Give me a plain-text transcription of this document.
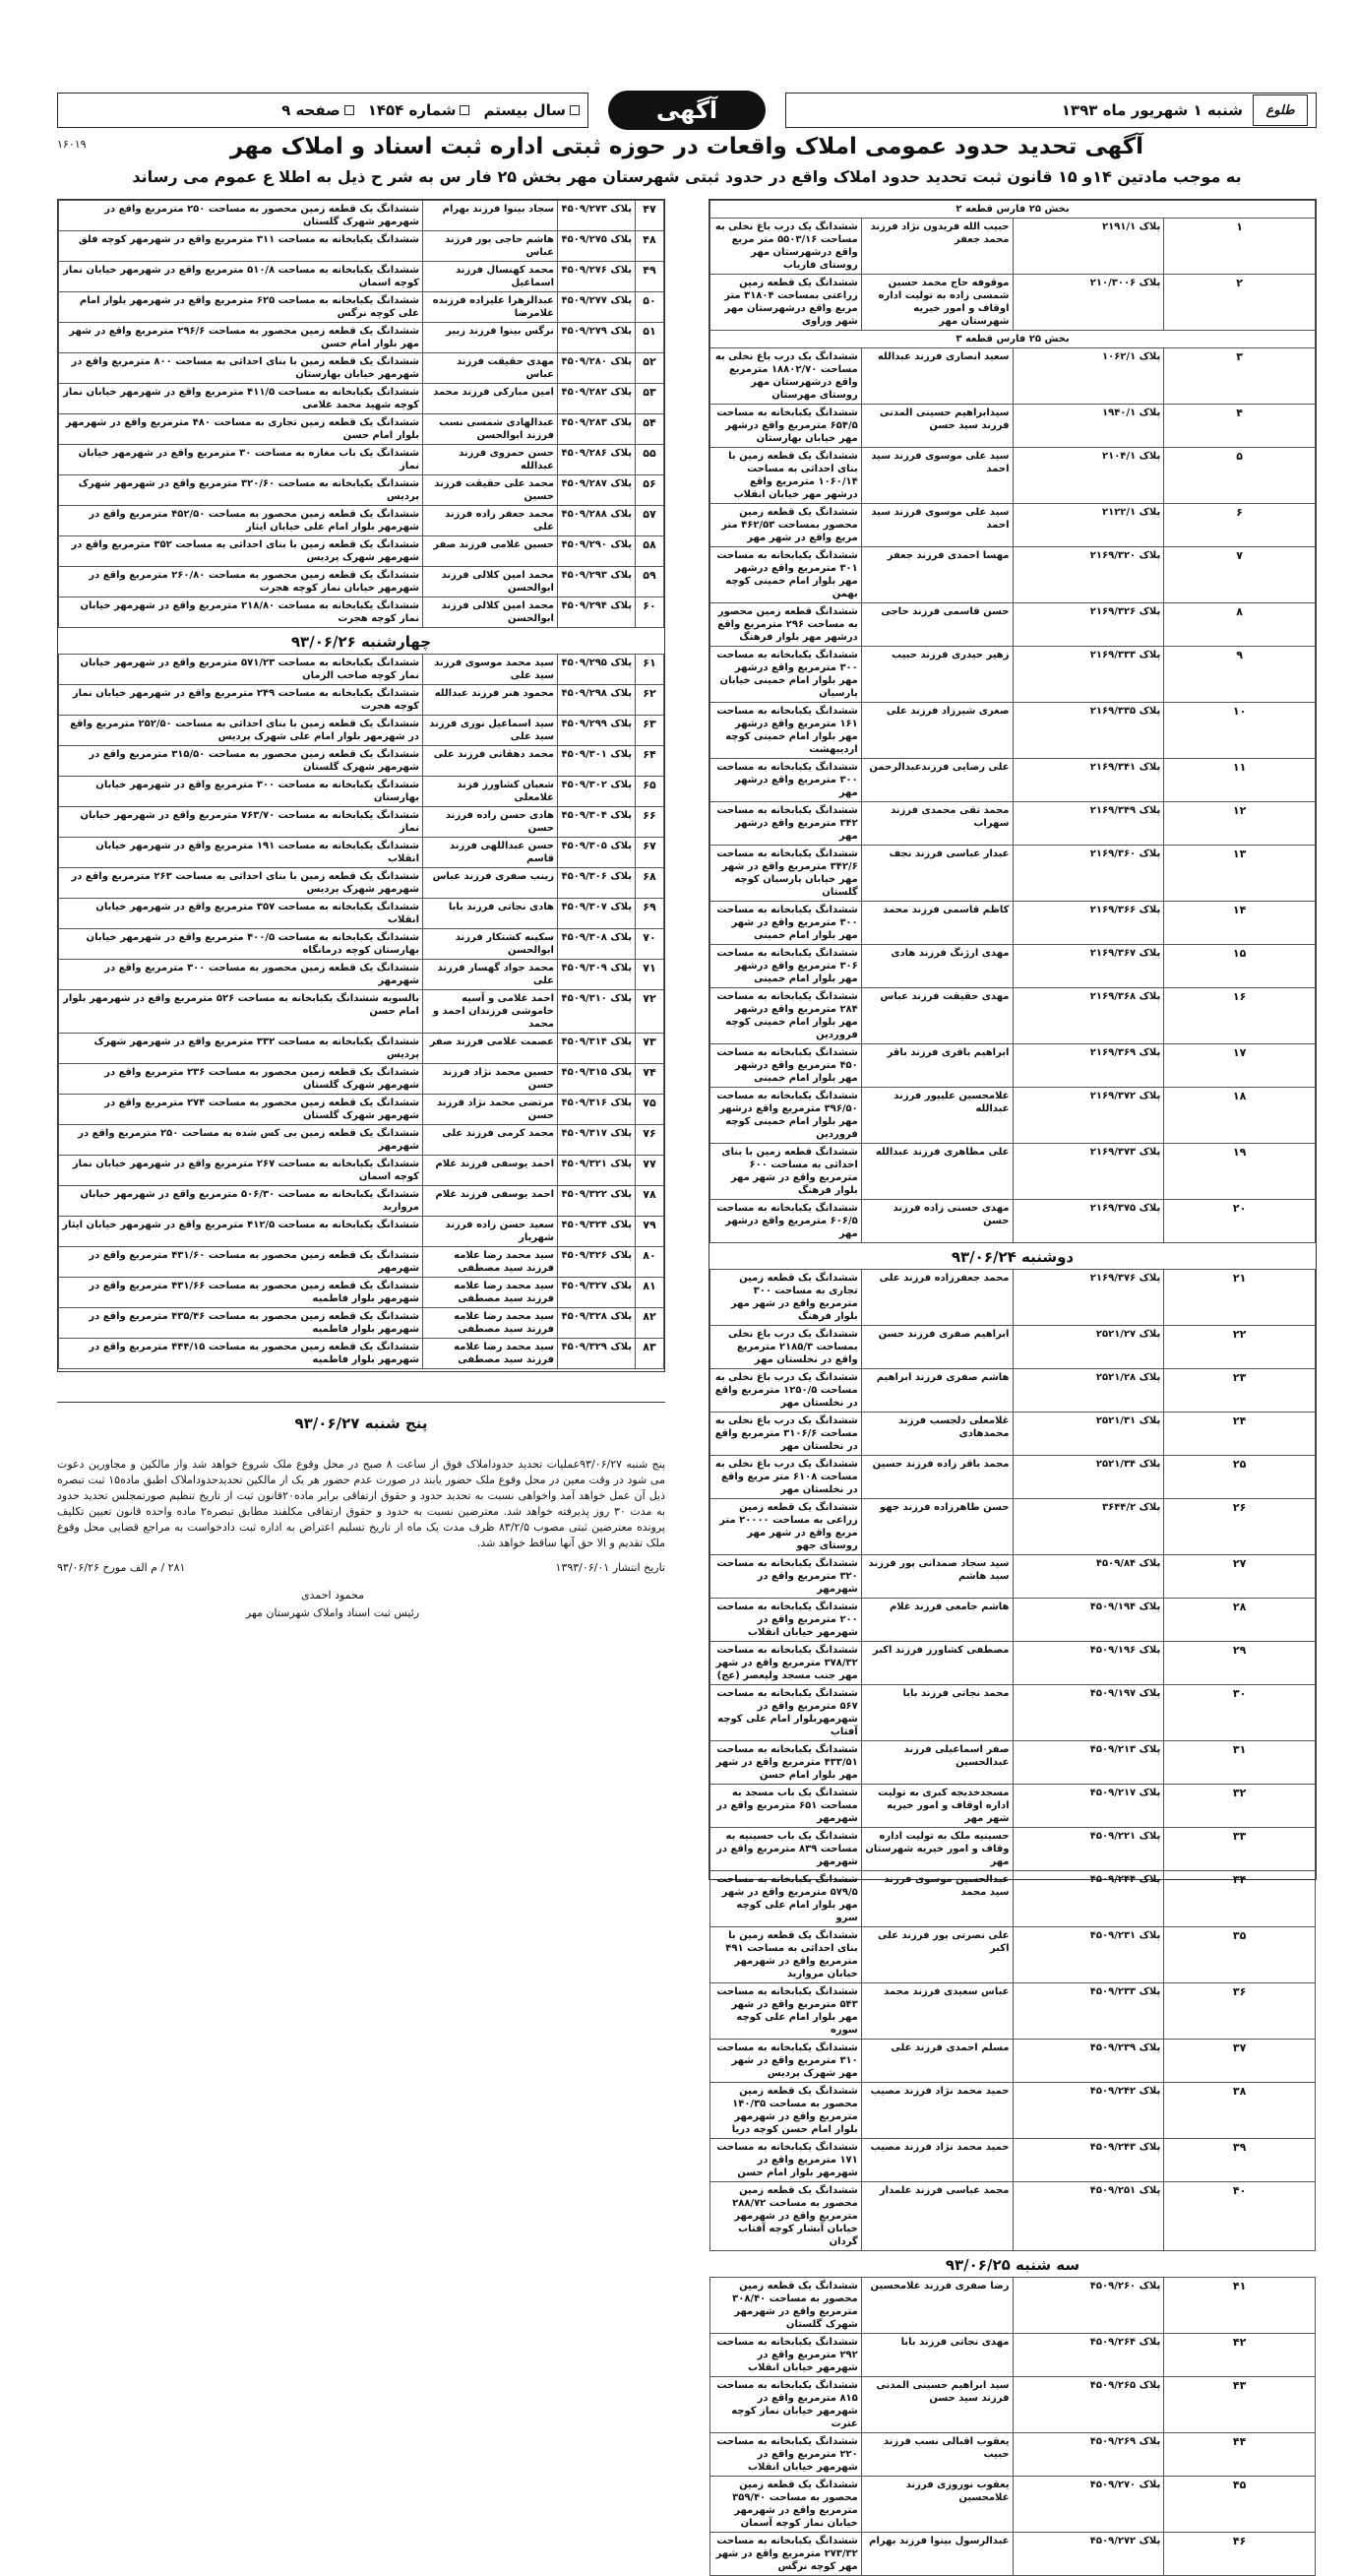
طلوع
شنبه ۱ شهریور ماه ۱۳۹۳
آگهی
سال بیستم
شماره ۱۴۵۴
صفحه ۹
۱۶۰۱۹	آگهی تحدید حدود عمومی املاک واقعات در حوزه ثبتی اداره ثبت اسناد و املاک مهر
به موجب مادتین ۱۴و ۱۵ قانون ثبت تحدید حدود املاک واقع در حدود ثبتی شهرستان مهر بخش ۲۵ فار س به شر ح ذیل به اطلا ع عموم می رساند
بخش ۲۵ فارس قطعه ۲			
۱	پلاک ۲۱۹۱/۱	حبیب الله فریدون نژاد فرزند محمد جعفر	ششدانگ یک درب باغ نخلی به مساحت ۵۵۰۳/۱۶ متر مربع واقع درشهرستان مهر روستای فاریاب
۲	پلاک ۲۱۰/۳۰۰۶	موقوفه حاج محمد حسین شمسی زاده به تولیت اداره اوقاف و امور خیریه شهرستان مهر	ششدانگ یک قطعه زمین زراعتی بمساحت ۳۱۸۰۴ متر مربع واقع درشهرستان مهر شهر وراوی
بخش ۲۵ فارس قطعه ۳			
۳	پلاک ۱۰۶۲/۱	سعید انصاری فرزند عبدالله	ششدانگ یک درب باغ نخلی به مساحت ۱۸۸۰۲/۷۰ مترمربع واقع درشهرستان مهر روستای مهرستان
۴	پلاک ۱۹۴۰/۱	سیدابراهیم حسینی المدنی فرزند سید حسن	ششدانگ یکبابخانه به مساحت ۶۵۴/۵ مترمربع واقع درشهر مهر خیابان بهارستان
۵	پلاک ۲۱۰۴/۱	سید علی موسوی فرزند سید احمد	ششدانگ یک قطعه زمین با بنای احداثی به مساحت ۱۰۶۰/۱۴ مترمربع واقع درشهر مهر خیابان انقلاب
۶	پلاک ۲۱۲۲/۱	سید علی موسوی فرزند سید احمد	ششدانگ یک قطعه زمین محصور بمساحت ۴۶۲/۵۳ متر مربع واقع در شهر مهر
۷	پلاک ۲۱۶۹/۳۲۰	مهسا احمدی فرزند جعفر	ششدانگ یکبابخانه به مساحت ۳۰۱ مترمربع واقع درشهر مهر بلوار امام خمینی کوچه بهمن
۸	پلاک ۲۱۶۹/۳۲۶	حسن قاسمی فرزند حاجی	ششدانگ قطعه زمین محصور به مساحت ۲۹۶ مترمربع واقع درشهر مهر بلوار فرهنگ
۹	پلاک ۲۱۶۹/۳۳۳	زهیر حیدری فرزند حبیب	ششدانگ یکبابخانه به مساحت ۳۰۰ مترمربع واقع درشهر مهر بلوار امام خمینی خیابان پارسیان
۱۰	پلاک ۲۱۶۹/۳۳۵	صغری شیرزاد فرزند علی	ششدانگ یکبابخانه به مساحت ۱۶۱ مترمربع واقع درشهر مهر بلوار امام خمینی کوچه اردیبهشت
۱۱	پلاک ۲۱۶۹/۳۴۱	علی رضایی فرزندعبدالرحمن	ششدانگ یکبابخانه به مساحت ۳۰۰ مترمربع واقع درشهر مهر
۱۲	پلاک ۲۱۶۹/۳۴۹	محمد تقی محمدی فرزند سهراب	ششدانگ یکبابخانه به مساحت ۳۴۲ مترمربع واقع درشهر مهر
۱۳	پلاک ۲۱۶۹/۳۶۰	عبدار عباسی فرزند نجف	ششدانگ یکبابخانه به مساحت ۳۴۲/۶ مترمربع واقع در شهر مهر خیابان پارسیان کوچه گلستان
۱۴	پلاک ۲۱۶۹/۳۶۶	کاظم قاسمی فرزند محمد	ششدانگ یکبابخانه به مساحت ۳۰۰ مترمربع واقع در شهر مهر بلوار امام خمینی
۱۵	پلاک ۲۱۶۹/۳۶۷	مهدی ارژنگ فرزند هادی	ششدانگ یکبابخانه به مساحت ۳۰۶ مترمربع واقع درشهر مهر بلوار امام خمینی
۱۶	پلاک ۲۱۶۹/۳۶۸	مهدی حقیقت فرزند عباس	ششدانگ یکبابخانه به مساحت ۲۸۴ مترمربع واقع درشهر مهر بلوار امام خمینی کوچه فروردین
۱۷	پلاک ۲۱۶۹/۳۶۹	ابراهیم باقری فرزند باقر	ششدانگ یکبابخانه به مساحت ۴۵۰ مترمربع واقع درشهر مهر بلوار امام خمینی
۱۸	پلاک ۲۱۶۹/۳۷۲	غلامحسین علیپور فرزند عبدالله	ششدانگ یکبابخانه به مساحت ۳۹۶/۵۰ مترمربع واقع درشهر مهر بلوار امام خمینی کوچه فروردین
۱۹	پلاک ۲۱۶۹/۳۷۳	علی مظاهری فرزند عبدالله	ششدانگ قطعه زمین با بنای احداثی به مساحت ۶۰۰ مترمربع واقع در شهر مهر بلوار فرهنگ
۲۰	پلاک ۲۱۶۹/۳۷۵	مهدی حسنی زاده فرزند حسن	ششدانگ یکبابخانه به مساحت ۶۰۶/۵ مترمربع واقع درشهر مهر
دوشنبه ۹۳/۰۶/۲۴			
۲۱	پلاک ۲۱۶۹/۳۷۶	محمد جعفرزاده فرزند علی	ششدانگ یک قطعه زمین تجاری به مساحت ۳۰۰ مترمربع واقع در شهر مهر بلوار فرهنگ
۲۲	پلاک ۲۵۲۱/۲۷	ابراهیم صفری فرزند حسن	ششدانگ یک درب باغ نخلی بمساحت ۲۱۸۵/۳ مترمربع واقع در نخلستان مهر
۲۳	پلاک ۲۵۲۱/۲۸	هاشم صفری فرزند ابراهیم	ششدانگ یک درب باغ نخلی به مساحت ۱۲۵۰/۵ مترمربع واقع در نخلستان مهر
۲۴	پلاک ۲۵۲۱/۳۱	غلامعلی دلجسب فرزند محمدهادی	ششدانگ یک درب باغ نخلی به مساحت ۳۱۰۶/۶ مترمربع واقع در نخلستان مهر
۲۵	پلاک ۲۵۲۱/۳۴	محمد باقر زاده فرزند حسین	ششدانگ یک درب باغ نخلی به مساحت ۶۱۰۸ متر مربع واقع در نخلستان مهر
۲۶	پلاک ۳۶۴۴/۲	حسن طاهرزاده فرزند جهو	ششدانگ یک قطعه زمین زراعی به مساحت ۲۰۰۰۰ متر مربع واقع در شهر مهر روستای جهو
۲۷	پلاک ۴۵۰۹/۸۴	سید سجاد صمدانی پور فرزند سید هاشم	ششدانگ یکبابخانه به مساحت ۳۲۰ مترمربع واقع در شهرمهر
۲۸	پلاک ۴۵۰۹/۱۹۴	هاشم جامعی فرزند غلام	ششدانگ یکبابخانه به مساحت ۲۰۰ مترمربع واقع در شهرمهر خیابان انقلاب
۲۹	پلاک ۴۵۰۹/۱۹۶	مصطفی کشاورز فرزند اکبر	ششدانگ یکبابخانه به مساحت ۳۷۸/۳۲ مترمربع واقع در شهر مهر جنب مسجد ولیعصر (عج)
۳۰	پلاک ۴۵۰۹/۱۹۷	محمد نجاتی فرزند بابا	ششدانگ یکبابخانه به مساحت ۵۶۷ مترمربع واقع در شهرمهربلوار امام علی کوچه آفتاب
۳۱	پلاک ۴۵۰۹/۲۱۳	صفر اسماعیلی فرزند عبدالحسین	ششدانگ یکبابخانه به مساحت ۴۳۳/۵۱ مترمربع واقع در شهر مهر بلوار امام حسن
۳۲	پلاک ۴۵۰۹/۲۱۷	مسجدخدیجه کبری به تولیت اداره اوقاف و امور خیریه شهر مهر	ششدانگ یک باب مسجد به مساحت ۶۵۱ مترمربع واقع در شهرمهر
۳۳	پلاک ۴۵۰۹/۲۲۱	حسینیه ملک به تولیت اداره وقاف و امور خیریه شهرستان مهر	ششدانگ یک باب حسینیه به مساحت ۸۳۹ مترمربع واقع در شهرمهر
۳۴	پلاک ۴۵۰۹/۲۴۴	عبدالحسین موسوی فرزند سید محمد	ششدانگ یکبابخانه به مساحت ۵۷۹/۵ مترمربع واقع در شهر مهر بلوار امام علی کوچه سرو
۳۵	پلاک ۴۵۰۹/۲۳۱	علی نصرتی پور فرزند علی اکبر	ششدانگ یک قطعه زمین با بنای احداثی به مساحت ۴۹۱ مترمربع واقع در شهرمهر خیابان مروارید
۳۶	پلاک ۴۵۰۹/۲۳۳	عباس سعیدی فرزند محمد	ششدانگ یکبابخانه به مساحت ۵۴۳ مترمربع واقع در شهر مهر بلوار امام علی کوچه سوره
۳۷	پلاک ۴۵۰۹/۲۳۹	مسلم احمدی فرزند علی	ششدانگ یکبابخانه به مساحت ۳۱۰ مترمربع واقع در شهر مهر شهرک پردیس
۳۸	پلاک ۴۵۰۹/۲۴۲	حمید محمد نژاد فرزند مصیب	ششدانگ یک قطعه زمین محصور به مساحت ۱۴۰/۳۵ مترمربع واقع در شهرمهر بلوار امام حسن کوچه دریا
۳۹	پلاک ۴۵۰۹/۲۴۳	حمید محمد نژاد فرزند مصیب	ششدانگ یکبابخانه به مساحت ۱۷۱ مترمربع واقع در شهرمهر بلوار امام حسن
۴۰	پلاک ۴۵۰۹/۲۵۱	محمد عباسی فرزند علمدار	ششدانگ یک قطعه زمین محصور به مساحت ۲۸۸/۷۲ مترمربع واقع در شهرمهر خیابان آبشار کوچه آفتاب گردان
سه شنبه ۹۳/۰۶/۲۵			
۴۱	پلاک ۴۵۰۹/۲۶۰	رضا صفری فرزند غلامحسین	ششدانگ یک قطعه زمین محصور به مساحت ۳۰۸/۴۰ مترمربع واقع در شهرمهر شهرک گلستان
۴۲	پلاک ۴۵۰۹/۲۶۴	مهدی نجاتی فرزند بابا	ششدانگ یکبابخانه به مساحت ۲۹۲ مترمربع واقع در شهرمهر خیابان انقلاب
۴۳	پلاک ۴۵۰۹/۲۶۵	سید ابراهیم حسینی المدنی فرزند سید حسن	ششدانگ یکبابخانه به مساحت ۸۱۵ مترمربع واقع در شهرمهر خیابان نماز کوچه عترت
۴۴	پلاک ۴۵۰۹/۲۶۹	یعقوب اقبالی نسب فرزند حبیب	ششدانگ یکبابخانه به مساحت ۲۲۰ مترمربع واقع در شهرمهر خیابان انقلاب
۴۵	پلاک ۴۵۰۹/۲۷۰	یعقوب نوروزی فرزند غلامحسین	ششدانگ یک قطعه زمین محصور به مساحت ۳۵۹/۴۰ مترمربع واقع در شهرمهر خیابان نماز کوچه آسمان
۴۶	پلاک ۴۵۰۹/۲۷۲	عبدالرسول بینوا فرزند بهرام	ششدانگ یکبابخانه به مساحت ۲۷۳/۳۲ مترمربع واقع در شهر مهر کوچه نرگس
۴۷	پلاک ۴۵۰۹/۲۷۳	سجاد بینوا فرزند بهرام	ششدانگ یک قطعه زمین محصور به مساحت ۲۵۰ مترمربع واقع در شهرمهر شهرک گلستان
۴۸	پلاک ۴۵۰۹/۲۷۵	هاشم حاجی پور فرزند عباس	ششدانگ یکبابخانه به مساحت ۳۱۱ مترمربع واقع در شهرمهر کوچه فلق
۴۹	پلاک ۴۵۰۹/۲۷۶	محمد کهنسال فرزند اسماعیل	ششدانگ یکبابخانه به مساحت ۵۱۰/۸ مترمربع واقع در شهرمهر خیابان نماز کوچه اسمان
۵۰	پلاک ۴۵۰۹/۲۷۷	عبدالزهرا علیزاده فرزنده غلامرضا	ششدانگ یکبابخانه به مساحت ۶۲۵ مترمربع واقع در شهرمهر بلوار امام علی کوچه نرگس
۵۱	پلاک ۴۵۰۹/۲۷۹	نرگس بینوا فرزند زبیر	ششدانگ یک قطعه زمین محصور به مساحت ۲۹۶/۶ مترمربع واقع در شهر مهر بلوار امام حسن
۵۲	پلاک ۴۵۰۹/۲۸۰	مهدی حقیقت فرزند عباس	ششدانگ یک قطعه زمین با بنای احداثی به مساحت ۸۰۰ مترمربع واقع در شهرمهر خیابان بهارستان
۵۳	پلاک ۴۵۰۹/۲۸۲	امین مبارکی فرزند محمد	ششدانگ یکبابخانه به مساحت ۴۱۱/۵ مترمربع واقع در شهرمهر خیابان نماز کوچه شهید محمد غلامی
۵۴	پلاک ۴۵۰۹/۲۸۳	عبدالهادی شمسی نسب فرزند ابوالحسن	ششدانگ یک قطعه زمین تجاری به مساحت ۴۸۰ مترمربع واقع در شهرمهر بلوار امام حسن
۵۵	پلاک ۴۵۰۹/۲۸۶	حسن حمزوی فرزند عبدالله	ششدانگ یک باب مغازه به مساحت ۳۰ مترمربع واقع در شهرمهر خیابان نماز
۵۶	پلاک ۴۵۰۹/۲۸۷	محمد علی حقیقت فرزند حسین	ششدانگ یکبابخانه به مساحت ۳۲۰/۶۰ مترمربع واقع در شهرمهر شهرک پردیس
۵۷	پلاک ۴۵۰۹/۲۸۸	محمد جعفر زاده فرزند علی	ششدانگ یک قطعه زمین محصور به مساحت ۴۵۲/۵۰ مترمربع واقع در شهرمهر بلوار امام علی خیابان ایثار
۵۸	پلاک ۴۵۰۹/۲۹۰	حسین غلامی فرزند صفر	ششدانگ یک قطعه زمین با بنای احداثی به مساحت ۳۵۲ مترمربع واقع در شهرمهر شهرک پردیس
۵۹	پلاک ۴۵۰۹/۲۹۳	محمد امین کلالی فرزند ابوالحسن	ششدانگ یک قطعه زمین محصور به مساحت ۲۶۰/۸۰ مترمربع واقع در شهرمهر خیابان نماز کوچه هجرت
۶۰	پلاک ۴۵۰۹/۲۹۴	محمد امین کلالی فرزند ابوالحسن	ششدانگ یکبابخانه به مساحت ۲۱۸/۸۰ مترمربع واقع در شهرمهر خیابان نماز کوچه هجرت
چهارشنبه ۹۳/۰۶/۲۶			
۶۱	پلاک ۴۵۰۹/۲۹۵	سید محمد موسوی فرزند سید علی	ششدانگ یکبابخانه به مساحت ۵۷۱/۲۳ مترمربع واقع در شهرمهر خیابان نماز کوچه صاحب الزمان
۶۲	پلاک ۴۵۰۹/۲۹۸	محمود هنر فرزند عبدالله	ششدانگ یکبابخانه به مساحت ۲۴۹ مترمربع واقع در شهرمهر خیابان نماز کوچه هجرت
۶۳	پلاک ۴۵۰۹/۲۹۹	سید اسماعیل نوری فرزند سید علی	ششدانگ یک قطعه زمین با بنای احداثی به مساحت ۲۵۲/۵۰ مترمربع واقع در شهرمهر بلوار امام علی شهرک پردیس
۶۴	پلاک ۴۵۰۹/۳۰۱	محمد دهقانی فرزند علی	ششدانگ یک قطعه زمین محصور به مساحت ۳۱۵/۵۰ مترمربع واقع در شهرمهر شهرک گلستان
۶۵	پلاک ۴۵۰۹/۳۰۲	شعبان کشاورز فزند غلامعلی	ششدانگ یکبابخانه به مساحت ۳۰۰ مترمربع واقع در شهرمهر خیابان بهارستان
۶۶	پلاک ۴۵۰۹/۳۰۴	هادی حسن زاده فرزند حسن	ششدانگ یکبابخانه به مساحت ۷۶۳/۷۰ مترمربع واقع در شهرمهر خیابان نماز
۶۷	پلاک ۴۵۰۹/۳۰۵	حسن عبداللهی فرزند قاسم	ششدانگ یکبابخانه به مساحت ۱۹۱ مترمربع واقع در شهرمهر خیابان انقلاب
۶۸	پلاک ۴۵۰۹/۳۰۶	زینب صفری فرزند عباس	ششدانگ یک قطعه زمین با بنای احداثی به مساحت ۲۶۳ مترمربع واقع در شهرمهر شهرک پردیس
۶۹	پلاک ۴۵۰۹/۳۰۷	هادی نجاتی فرزند بابا	ششدانگ یکبابخانه به مساحت ۳۵۷ مترمربع واقع در شهرمهر خیابان انقلاب
۷۰	پلاک ۴۵۰۹/۳۰۸	سکینه کشتکار فرزند ابوالحسن	ششدانگ یکبابخانه به مساحت ۴۰۰/۵ مترمربع واقع در شهرمهر خیابان بهارستان کوچه درمانگاه
۷۱	پلاک ۴۵۰۹/۳۰۹	محمد جواد گهسار فرزند علی	ششدانگ یک قطعه زمین محصور به مساحت ۳۰۰ مترمربع واقع در شهرمهر
۷۲	پلاک ۴۵۰۹/۳۱۰	احمد غلامی و آسیه خاموشی فرزندان احمد و محمد	بالسویه ششدانگ یکبابخانه به مساحت ۵۲۶ مترمربع واقع در شهرمهر بلوار امام حسن
۷۳	پلاک ۴۵۰۹/۳۱۴	عصمت غلامی فرزند صفر	ششدانگ یکبابخانه به مساحت ۳۳۲ مترمربع واقع در شهرمهر شهرک پردیس
۷۴	پلاک ۴۵۰۹/۳۱۵	حسین محمد نژاد فرزند حسن	ششدانگ یک قطعه زمین محصور به مساحت ۲۳۶ مترمربع واقع در شهرمهر شهرک گلستان
۷۵	پلاک ۴۵۰۹/۳۱۶	مرتضی محمد نژاد فرزند حسن	ششدانگ یک قطعه زمین محصور به مساحت ۲۷۴ مترمربع واقع در شهرمهر شهرک گلستان
۷۶	پلاک ۴۵۰۹/۳۱۷	محمد کرمی فرزند علی	ششدانگ یک قطعه زمین بی کس شده به مساحت ۲۵۰ مترمربع واقع در شهرمهر
۷۷	پلاک ۴۵۰۹/۳۲۱	احمد یوسفی فرزند غلام	ششدانگ یکبابخانه به مساحت ۲۶۷ مترمربع واقع در شهرمهر خیابان نماز کوچه اسمان
۷۸	پلاک ۴۵۰۹/۳۲۲	احمد یوسفی فرزند غلام	ششدانگ یکبابخانه به مساحت ۵۰۶/۳۰ مترمربع واقع در شهرمهر خیابان مروارید
۷۹	پلاک ۴۵۰۹/۳۲۴	سعید حسن زاده فرزند شهریار	ششدانگ یکبابخانه به مساحت ۴۱۲/۵ مترمربع واقع در شهرمهر خیابان ایثار
۸۰	پلاک ۴۵۰۹/۳۲۶	سید محمد رضا علامه فرزند سید مصطفی	ششدانگ یک قطعه زمین محصور به مساحت ۴۳۱/۶۰ مترمربع واقع در شهرمهر
۸۱	پلاک ۴۵۰۹/۳۲۷	سید محمد رضا علامه فرزند سید مصطفی	ششدانگ یک قطعه زمین محصور به مساحت ۴۳۱/۶۶ مترمربع واقع در شهرمهر بلوار فاطمیه
۸۲	پلاک ۴۵۰۹/۳۲۸	سید محمد رضا علامه فرزند سید مصطفی	ششدانگ یک قطعه زمین محصور به مساحت ۴۳۵/۴۶ مترمربع واقع در شهرمهر بلوار فاطمیه
۸۳	پلاک ۴۵۰۹/۳۲۹	سید محمد رضا علامه فرزند سید مصطفی	ششدانگ یک قطعه زمین محصور به مساحت ۴۴۴/۱۵ مترمربع واقع در شهرمهر بلوار فاطمیه
پنج شنبه ۹۳/۰۶/۲۷
پنج شنبه ۹۳/۰۶/۲۷عملیات تحدید حدوداملاک فوق از ساعت ۸ صبح در محل وقوع ملک شروع خواهد شد واز مالکین و مجاورین دعوت می شود در وقت معین در محل وقوع ملک حضور یابند در صورت عدم حضور هر یک از مالکین تحدیدحدوداملاک اطبق ماده۱۵ ثبت تبصره ذیل آن عمل خواهد آمد واخواهی نسبت به تحدید حدود و حقوق ارتفاقی برابر ماده۲۰قانون ثبت از تاریخ تنظیم صورتمجلس تحدید حدود به مدت ۳۰ روز پذیرفته خواهد شد. معترضین نسبت به حدود و حقوق ارتفاقی مکلفند مطابق تبصره۲ ماده واحده قانون تعیین تکلیف پرونده معترضین ثبتی مصوب ۸۳/۲/۵ ظرف مدت یک ماه از تاریخ تسلیم اعتراض به اداره ثبت دادخواست به مراجع قضایی محل وقوع ملک تقدیم و الا حق آنها ساقط خواهد شد.
تاریخ انتشار ۱۳۹۳/۰۶/۰۱
۲۸۱ / م الف مورخ ۹۳/۰۶/۲۶
محمود احمدی
رئیس ثبت اسناد واملاک شهرستان مهر
